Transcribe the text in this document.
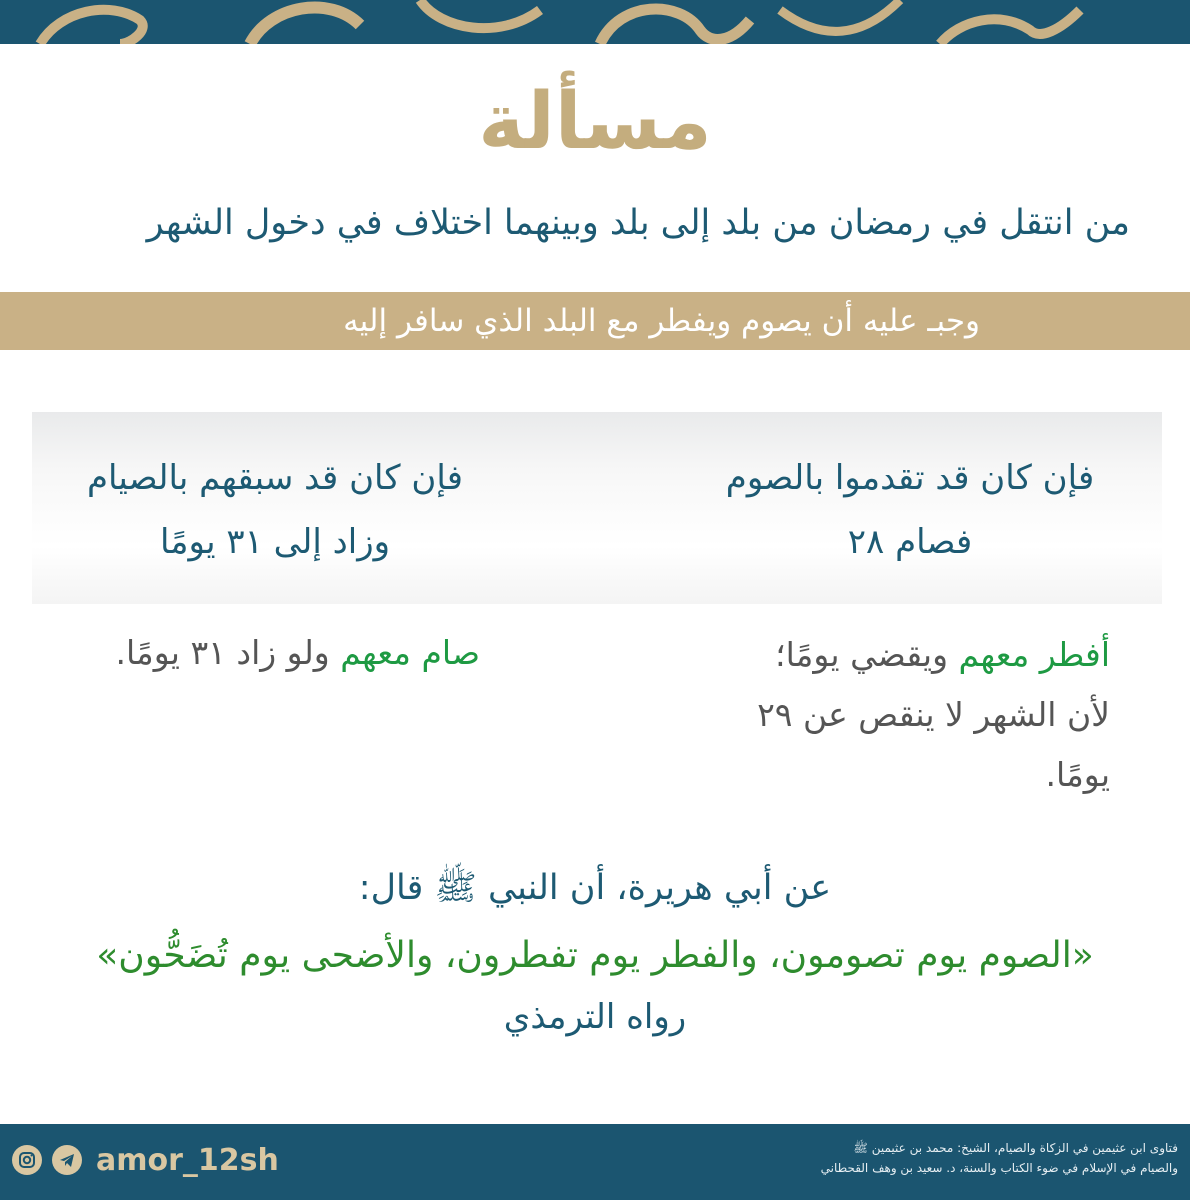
مسألة
من انتقل في رمضان من بلد إلى بلد وبينهما اختلاف في دخول الشهر
وجبـ عليه أن يصوم ويفطر مع البلد الذي سافر إليه
فإن كان قد تقدموا بالصوم
فصام ٢٨
فإن كان قد سبقهم بالصيام
وزاد إلى ٣١ يومًا
أفطر معهم ويقضي يومًا؛
لأن الشهر لا ينقص عن ٢٩
يومًا.
صام معهم ولو زاد ٣١ يومًا.
عن أبي هريرة، أن النبي ﷺ قال:
«الصوم يوم تصومون، والفطر يوم تفطرون، والأضحى يوم تُضَحُّون»
رواه الترمذي
فتاوى ابن عثيمين في الزكاة والصيام، الشيخ: محمد بن عثيمين ﷺ
والصيام في الإسلام في ضوء الكتاب والسنة، د. سعيد بن وهف القحطاني
amor_12sh
